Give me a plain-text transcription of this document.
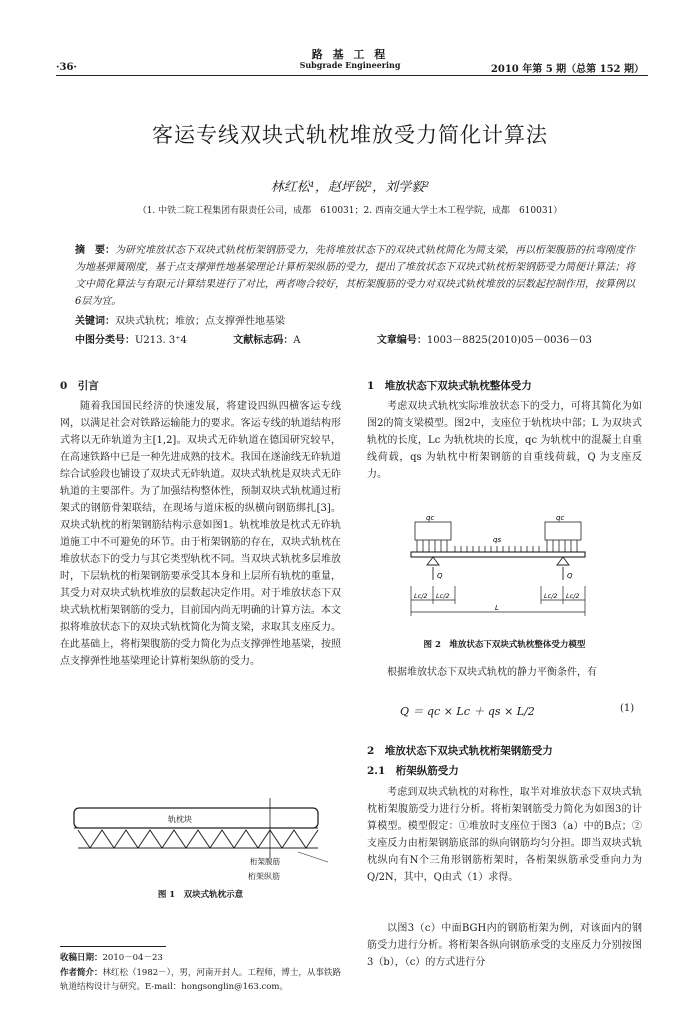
·36·
路 基 工 程
Subgrade Engineering	2010 年第 5 期（总第 152 期）
客运专线双块式轨枕堆放受力简化计算法
林红松¹，赵坪锐²，刘学毅²
（1. 中铁二院工程集团有限责任公司，成都　610031；2. 西南交通大学土木工程学院，成都　610031）
摘　要：为研究堆放状态下双块式轨枕桁架钢筋受力，先将堆放状态下的双块式轨枕简化为简支梁，再以桁架腹筋的抗弯刚度作为地基弹簧刚度，基于点支撑弹性地基梁理论计算桁架纵筋的受力，提出了堆放状态下双块式轨枕桁架钢筋受力简便计算法；将文中简化算法与有限元计算结果进行了对比，两者吻合较好，其桁架腹筋的受力对双块式轨枕堆放的层数起控制作用，按算例以6层为宜。
关键词：双块式轨枕；堆放；点支撑弹性地基梁
中图分类号：U213. 3⁺4	文献标志码：A	文章编号：1003－8825(2010)05－0036－03
0　引言
随着我国国民经济的快速发展，将建设四纵四横客运专线网，以满足社会对铁路运输能力的要求。客运专线的轨道结构形式将以无砟轨道为主[1,2]。双块式无砟轨道在德国研究较早，在高速铁路中已是一种先进成熟的技术。我国在遂渝线无砟轨道综合试验段也铺设了双块式无砟轨道。双块式轨枕是双块式无砟轨道的主要部件。为了加强结构整体性，预制双块式轨枕通过桁架式的钢筋骨架联结，在现场与道床板的纵横向钢筋绑扎[3]。双块式轨枕的桁架钢筋结构示意如图1。轨枕堆放是枕式无砟轨道施工中不可避免的环节。由于桁架钢筋的存在，双块式轨枕在堆放状态下的受力与其它类型轨枕不同。当双块式轨枕多层堆放时，下层轨枕的桁架钢筋要承受其本身和上层所有轨枕的重量，其受力对双块式轨枕堆放的层数起决定作用。对于堆放状态下双块式轨枕桁架钢筋的受力，目前国内尚无明确的计算方法。本文拟将堆放状态下的双块式轨枕简化为简支梁，求取其支座反力。在此基础上，将桁架腹筋的受力简化为点支撑弹性地基梁，按照点支撑弹性地基梁理论计算桁架纵筋的受力。
轨枕块
桁架腹筋
桁架纵筋
图 1　双块式轨枕示意
收稿日期：2010－04－23
作者简介：林红松（1982－），男，河南开封人。工程师，博士，从事铁路轨道结构设计与研究。E-mail：hongsonglin@163.com。
1　堆放状态下双块式轨枕整体受力
考虑双块式轨枕实际堆放状态下的受力，可将其简化为如图2的简支梁模型。图2中，支座位于轨枕块中部；L 为双块式轨枕的长度，Lc 为轨枕块的长度，qc 为轨枕中的混凝土自重线荷载，qs 为轨枕中桁架钢筋的自重线荷载，Q 为支座反力。
qc	qc
qs
Q	Q
Lc/2 Lc/2	Lc/2 Lc/2
L
图 2　堆放状态下双块式轨枕整体受力模型
根据堆放状态下双块式轨枕的静力平衡条件，有
Q ＝ qc × Lc ＋ qs × L/2	(1)
2　堆放状态下双块式轨枕桁架钢筋受力
2.1　桁架纵筋受力
考虑到双块式轨枕的对称性，取半对堆放状态下双块式轨枕桁架腹筋受力进行分析。将桁架钢筋受力简化为如图3的计算模型。模型假定：①堆放时支座位于图3（a）中的B点；②支座反力由桁架钢筋底部的纵向钢筋均匀分担。即当双块式轨枕纵向有N个三角形钢筋桁架时，各桁架纵筋承受垂向力为Q/2N，其中，Q由式（1）求得。
以图3（c）中面BGH内的钢筋桁架为例，对该面内的钢筋受力进行分析。将桁架各纵向钢筋承受的支座反力分别按图3（b），（c）的方式进行分
